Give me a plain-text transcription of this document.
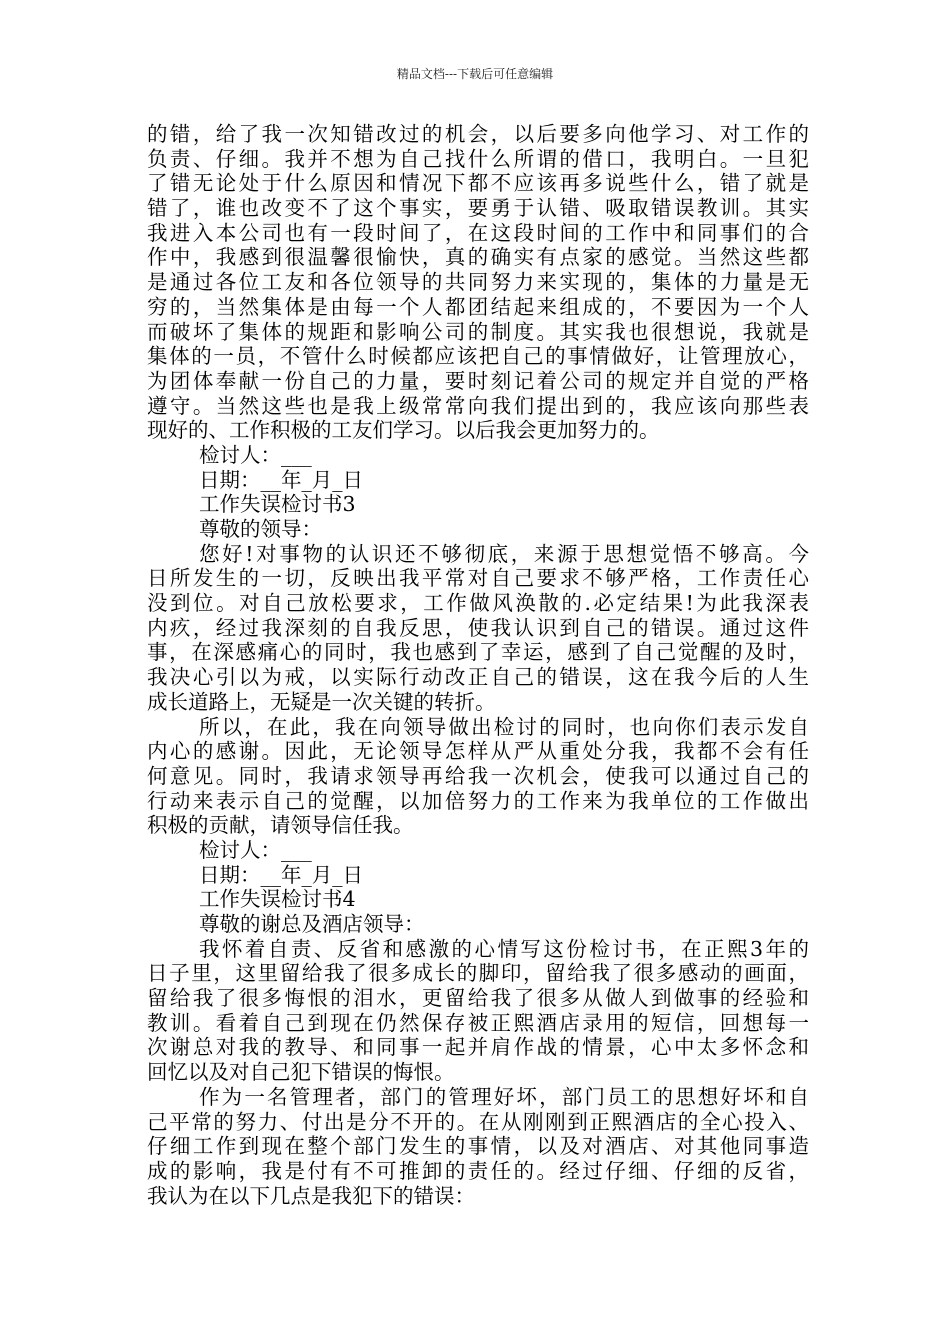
精品文档---下载后可任意编辑
的错，给了我一次知错改过的机会，以后要多向他学习、对工作的
负责、仔细。我并不想为自己找什么所谓的借口，我明白。一旦犯
了错无论处于什么原因和情况下都不应该再多说些什么，错了就是
错了，谁也改变不了这个事实，要勇于认错、吸取错误教训。其实
我进入本公司也有一段时间了，在这段时间的工作中和同事们的合
作中，我感到很温馨很愉快，真的确实有点家的感觉。当然这些都
是通过各位工友和各位领导的共同努力来实现的，集体的力量是无
穷的，当然集体是由每一个人都团结起来组成的，不要因为一个人
而破坏了集体的规距和影响公司的制度。其实我也很想说，我就是
集体的一员，不管什么时候都应该把自己的事情做好，让管理放心，
为团体奉献一份自己的力量，要时刻记着公司的规定并自觉的严格
遵守。当然这些也是我上级常常向我们提出到的，我应该向那些表
现好的、工作积极的工友们学习。以后我会更加努力的。
检讨人：___
日期：__年_月_日
工作失误检讨书3
尊敬的领导：
您好!对事物的认识还不够彻底，来源于思想觉悟不够高。今
日所发生的一切，反映出我平常对自己要求不够严格，工作责任心
没到位。对自己放松要求，工作做风涣散的.必定结果!为此我深表
内疚，经过我深刻的自我反思，使我认识到自己的错误。通过这件
事，在深感痛心的同时，我也感到了幸运，感到了自己觉醒的及时，
我决心引以为戒，以实际行动改正自己的错误，这在我今后的人生
成长道路上，无疑是一次关键的转折。
所以，在此，我在向领导做出检讨的同时，也向你们表示发自
内心的感谢。因此，无论领导怎样从严从重处分我，我都不会有任
何意见。同时，我请求领导再给我一次机会，使我可以通过自己的
行动来表示自己的觉醒，以加倍努力的工作来为我单位的工作做出
积极的贡献，请领导信任我。
检讨人：___
日期：__年_月_日
工作失误检讨书4
尊敬的谢总及酒店领导：
我怀着自责、反省和感激的心情写这份检讨书，在正熙3年的
日子里，这里留给我了很多成长的脚印，留给我了很多感动的画面，
留给我了很多悔恨的泪水，更留给我了很多从做人到做事的经验和
教训。看着自己到现在仍然保存被正熙酒店录用的短信，回想每一
次谢总对我的教导、和同事一起并肩作战的情景，心中太多怀念和
回忆以及对自己犯下错误的悔恨。
作为一名管理者，部门的管理好坏，部门员工的思想好坏和自
己平常的努力、付出是分不开的。在从刚刚到正熙酒店的全心投入、
仔细工作到现在整个部门发生的事情，以及对酒店、对其他同事造
成的影响，我是付有不可推卸的责任的。经过仔细、仔细的反省，
我认为在以下几点是我犯下的错误：
